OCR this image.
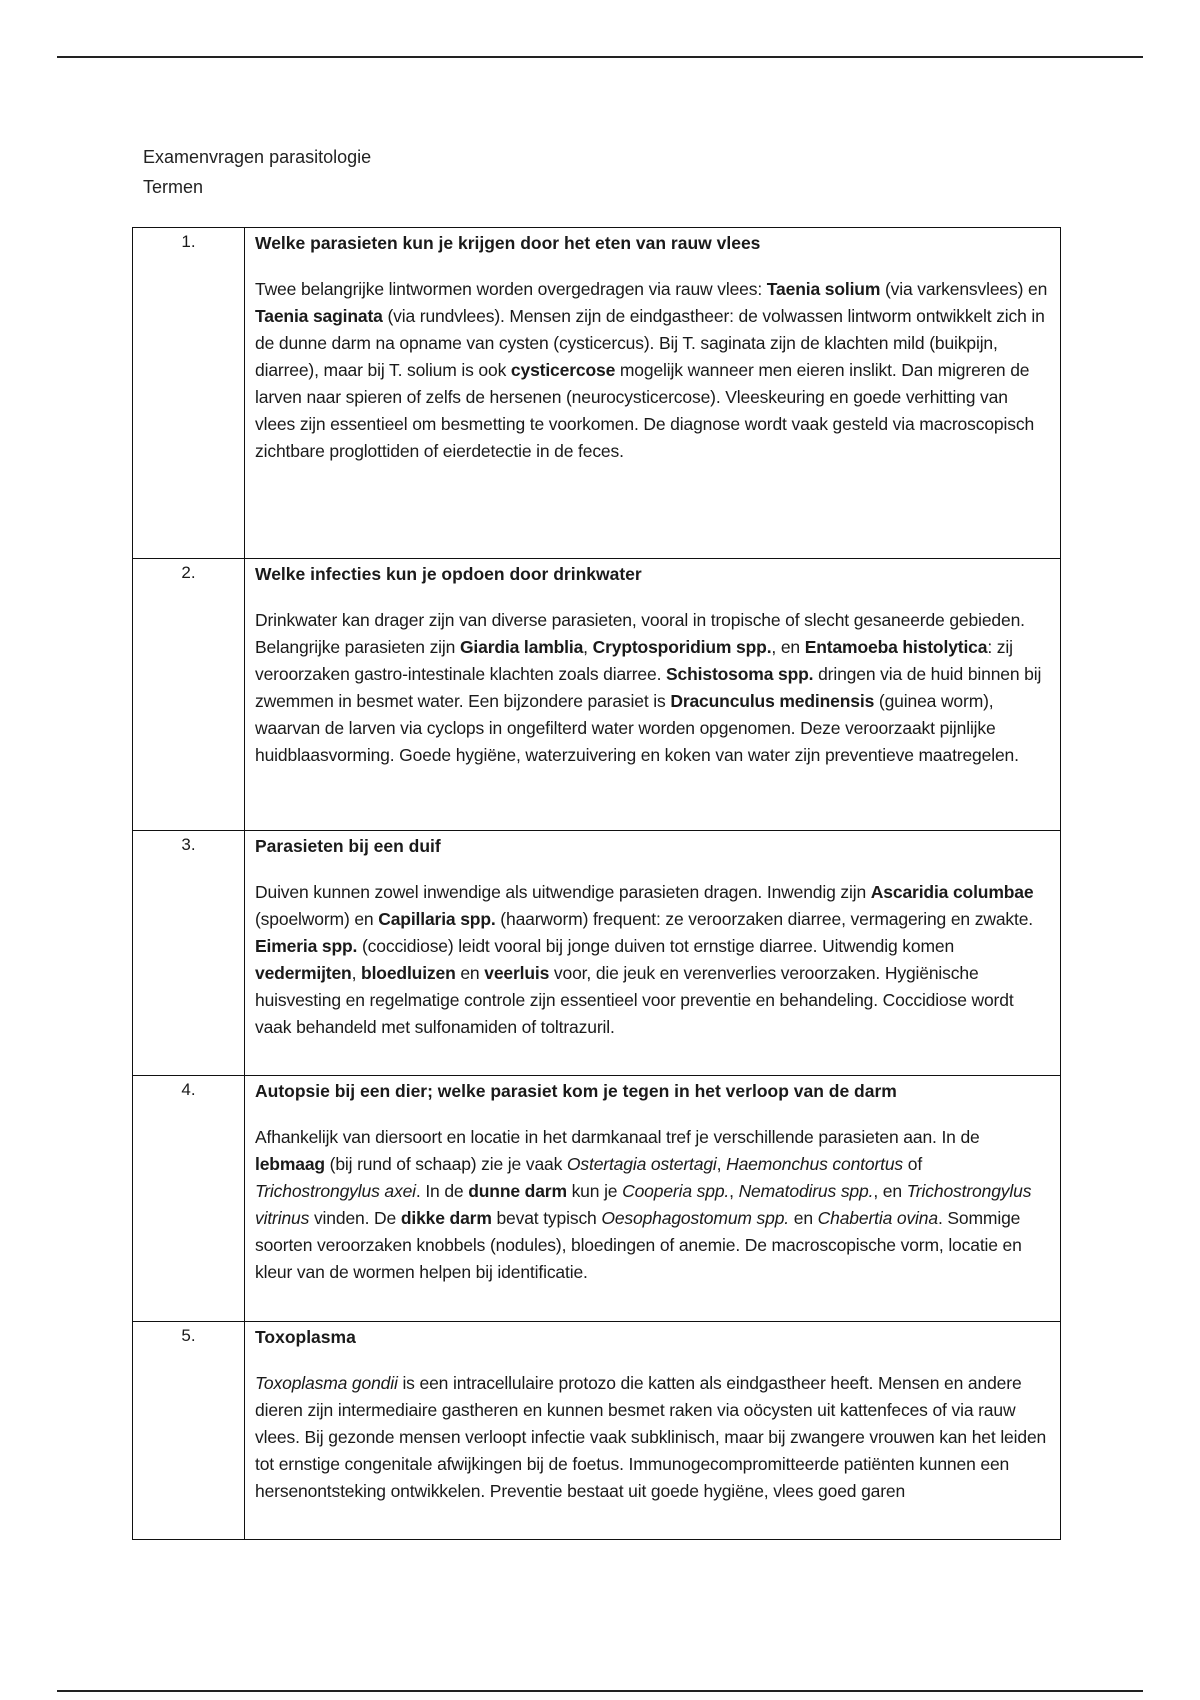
Examenvragen parasitologie
Termen
1.	Welke parasieten kun je krijgen door het eten van rauw vlees

Twee belangrijke lintwormen worden overgedragen via rauw vlees: Taenia solium (via varkensvlees) en Taenia saginata (via rundvlees). Mensen zijn de eindgastheer: de volwassen lintworm ontwikkelt zich in de dunne darm na opname van cysten (cysticercus). Bij T. saginata zijn de klachten mild (buikpijn, diarree), maar bij T. solium is ook cysticercose mogelijk wanneer men eieren inslikt. Dan migreren de larven naar spieren of zelfs de hersenen (neurocysticercose). Vleeskeuring en goede verhitting van vlees zijn essentieel om besmetting te voorkomen. De diagnose wordt vaak gesteld via macroscopisch zichtbare proglottiden of eierdetectie in de feces.

2.	Welke infecties kun je opdoen door drinkwater

Drinkwater kan drager zijn van diverse parasieten, vooral in tropische of slecht gesaneerde gebieden. Belangrijke parasieten zijn Giardia lamblia, Cryptosporidium spp., en Entamoeba histolytica: zij veroorzaken gastro-intestinale klachten zoals diarree. Schistosoma spp. dringen via de huid binnen bij zwemmen in besmet water. Een bijzondere parasiet is Dracunculus medinensis (guinea worm), waarvan de larven via cyclops in ongefilterd water worden opgenomen. Deze veroorzaakt pijnlijke huidblaasvorming. Goede hygiëne, waterzuivering en koken van water zijn preventieve maatregelen.

3.	Parasieten bij een duif

Duiven kunnen zowel inwendige als uitwendige parasieten dragen. Inwendig zijn Ascaridia columbae (spoelworm) en Capillaria spp. (haarworm) frequent: ze veroorzaken diarree, vermagering en zwakte. Eimeria spp. (coccidiose) leidt vooral bij jonge duiven tot ernstige diarree. Uitwendig komen vedermijten, bloedluizen en veerluis voor, die jeuk en verenverlies veroorzaken. Hygiënische huisvesting en regelmatige controle zijn essentieel voor preventie en behandeling. Coccidiose wordt vaak behandeld met sulfonamiden of toltrazuril.

4.	Autopsie bij een dier; welke parasiet kom je tegen in het verloop van de darm

Afhankelijk van diersoort en locatie in het darmkanaal tref je verschillende parasieten aan. In de lebmaag (bij rund of schaap) zie je vaak Ostertagia ostertagi, Haemonchus contortus of Trichostrongylus axei. In de dunne darm kun je Cooperia spp., Nematodirus spp., en Trichostrongylus vitrinus vinden. De dikke darm bevat typisch Oesophagostomum spp. en Chabertia ovina. Sommige soorten veroorzaken knobbels (nodules), bloedingen of anemie. De macroscopische vorm, locatie en kleur van de wormen helpen bij identificatie.

5.	Toxoplasma

Toxoplasma gondii is een intracellulaire protozo die katten als eindgastheer heeft. Mensen en andere dieren zijn intermediaire gastheren en kunnen besmet raken via oöcysten uit kattenfeces of via rauw vlees. Bij gezonde mensen verloopt infectie vaak subklinisch, maar bij zwangere vrouwen kan het leiden tot ernstige congenitale afwijkingen bij de foetus. Immunogecompromitteerde patiënten kunnen een hersenontsteking ontwikkelen. Preventie bestaat uit goede hygiëne, vlees goed garen
